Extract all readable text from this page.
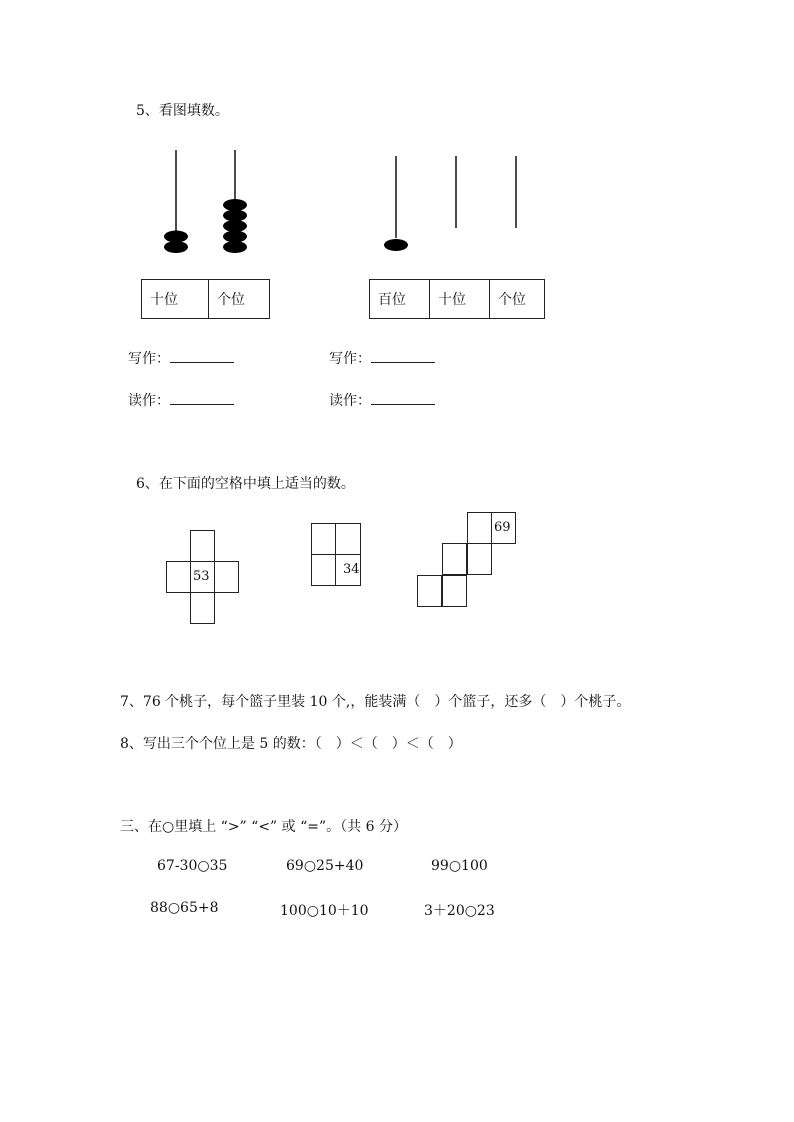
5、看图填数。
十位	个位	百位	十位	个位
写作：	写作：
读作：	读作：
6、在下面的空格中填上适当的数。
53	34
69
7、76 个桃子，每个篮子里装 10 个,，能装满（　）个篮子，还多（　）个桃子。
8、写出三个个位上是 5 的数：（　）＜（　）＜（　）
三、在○里填上 “>” “<” 或 “=”。（共 6 分）
67-30○35	69○25+40	99○100
88○65+8	100○10＋10	3＋20○23
